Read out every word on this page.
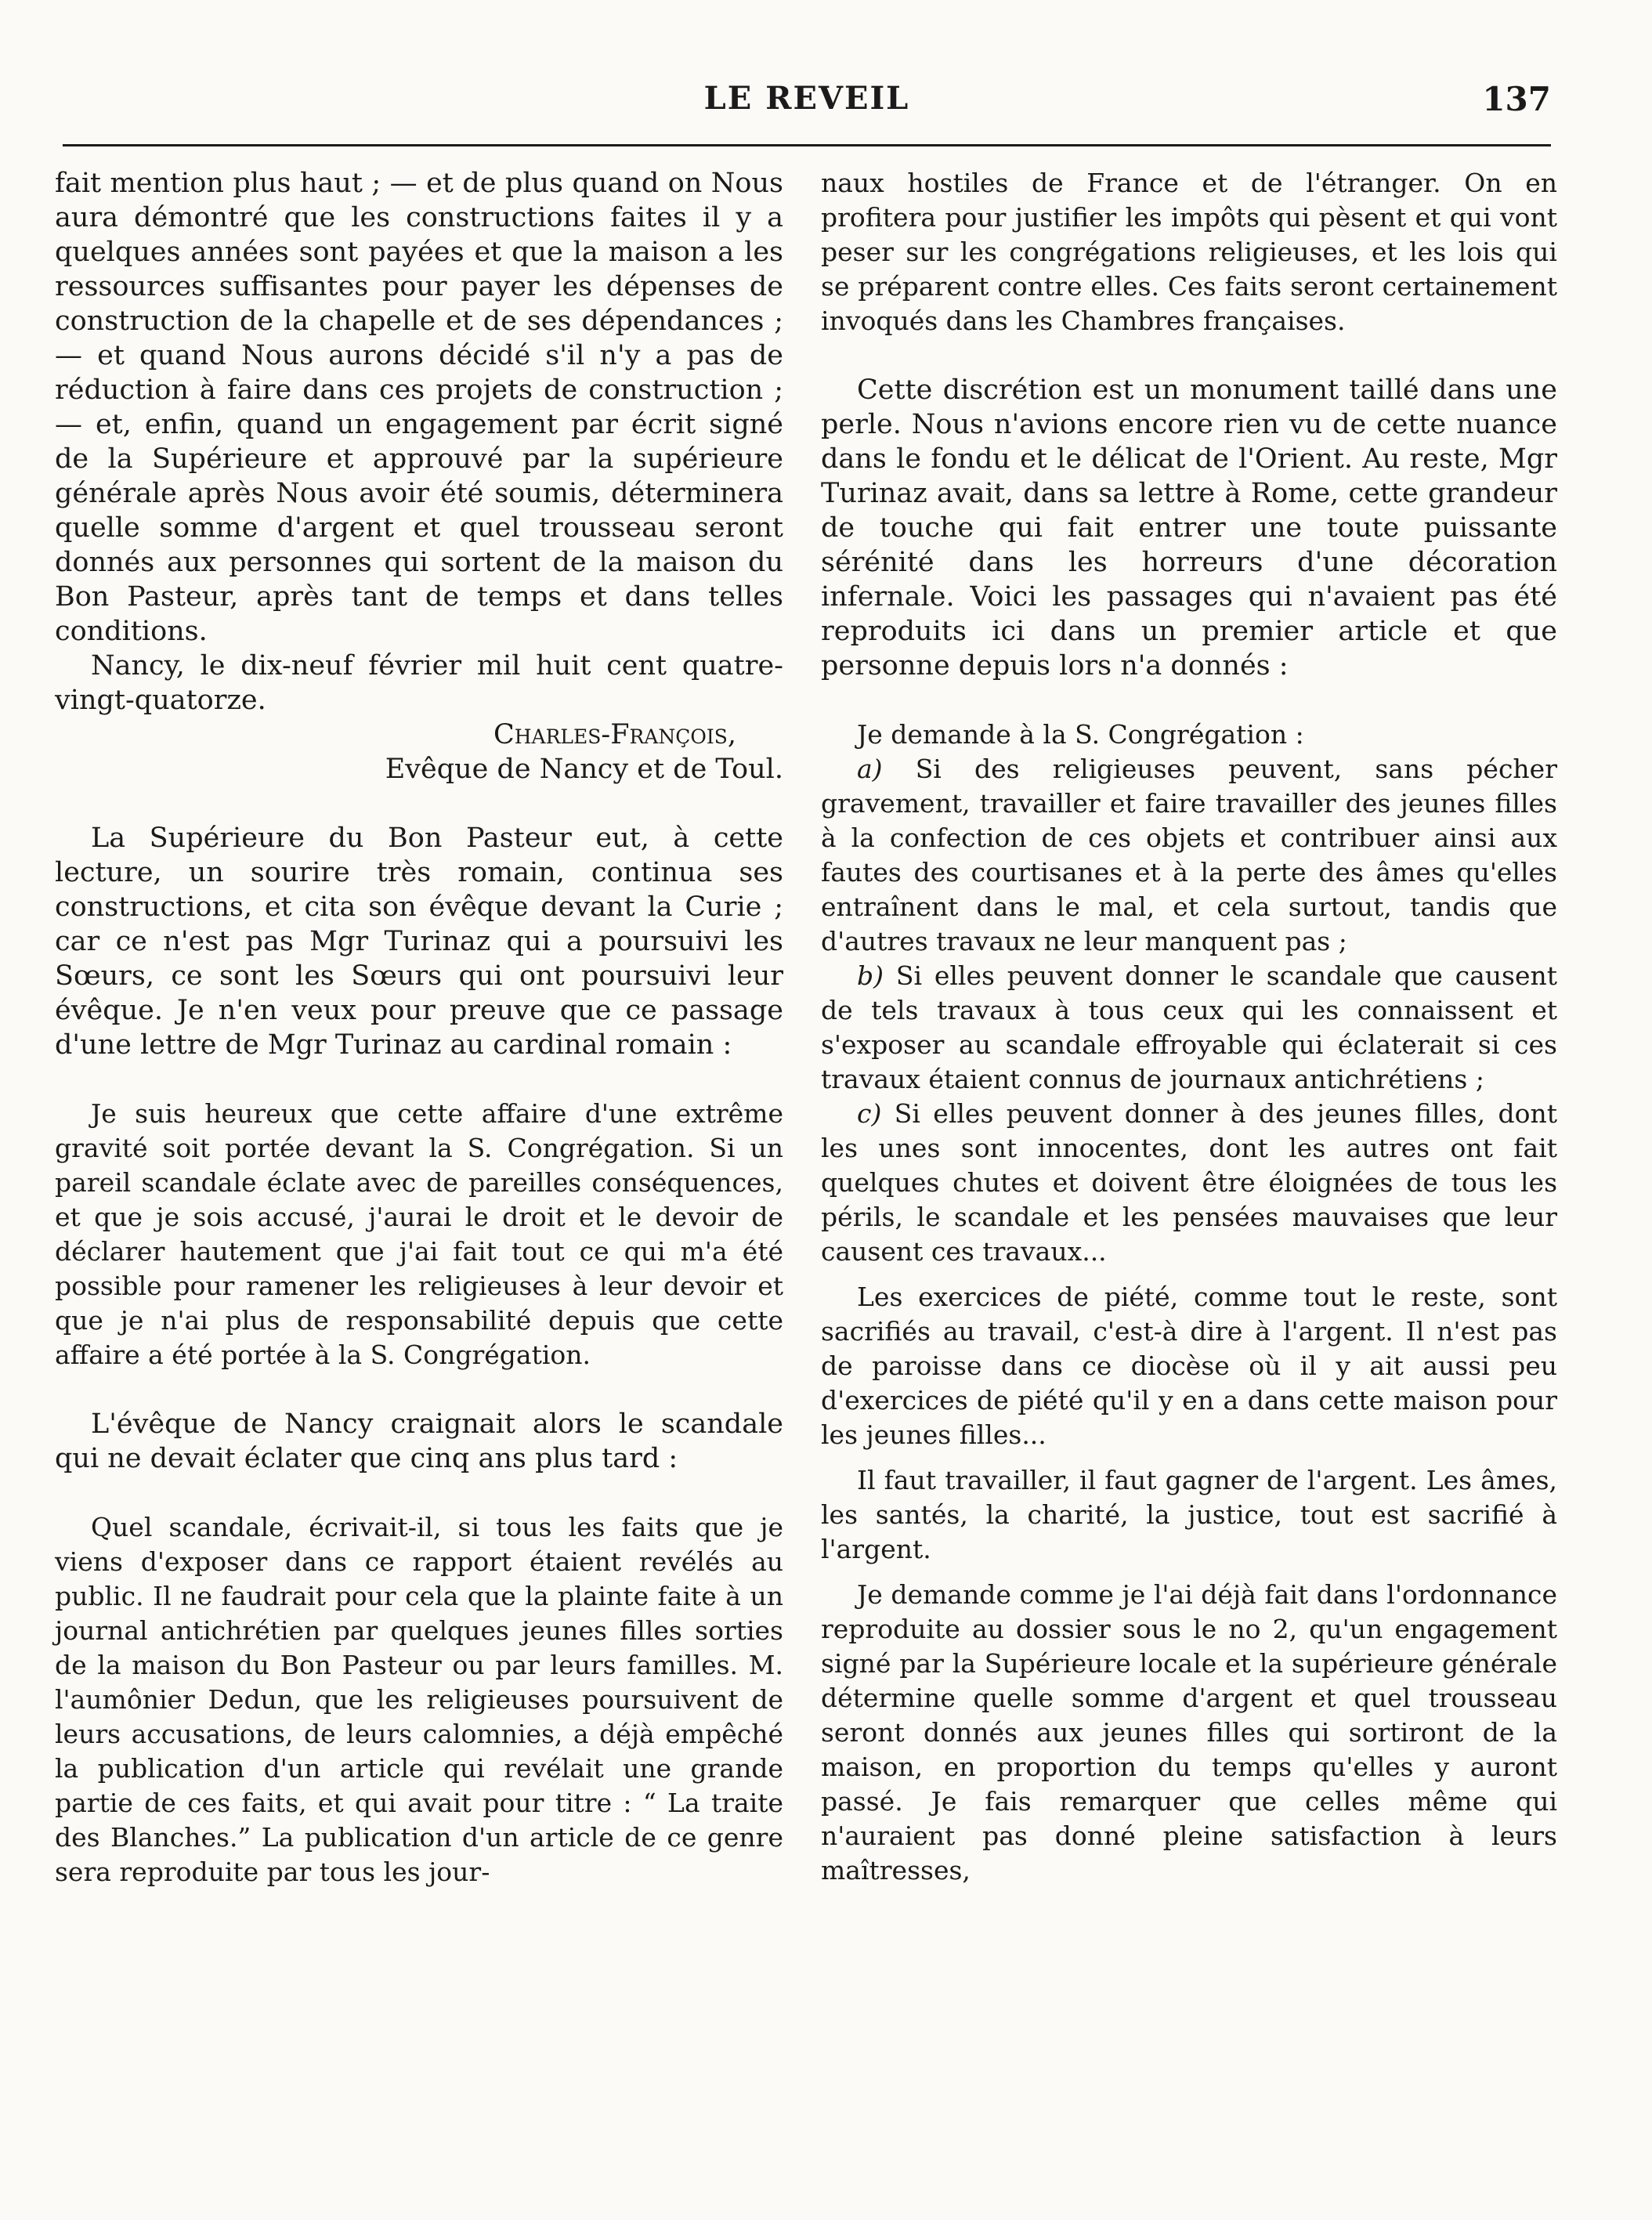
LE REVEIL	137

fait mention plus haut ; — et de plus quand on Nous aura démontré que les constructions faites il y a quelques années sont payées et que la maison a les ressources suffisantes pour payer les dépenses de construction de la chapelle et de ses dépendances ; — et quand Nous aurons décidé s'il n'y a pas de réduction à faire dans ces projets de construction ; — et, enfin, quand un engagement par écrit signé de la Supérieure et approuvé par la supérieure générale après Nous avoir été soumis, déterminera quelle somme d'argent et quel trousseau seront donnés aux personnes qui sortent de la maison du Bon Pasteur, après tant de temps et dans telles conditions.

Nancy, le dix-neuf février mil huit cent quatre-vingt-quatorze.

Charles-François,

Evêque de Nancy et de Toul.

La Supérieure du Bon Pasteur eut, à cette lecture, un sourire très romain, continua ses constructions, et cita son évêque devant la Curie ; car ce n'est pas Mgr Turinaz qui a poursuivi les Sœurs, ce sont les Sœurs qui ont poursuivi leur évêque. Je n'en veux pour preuve que ce passage d'une lettre de Mgr Turinaz au cardinal romain :

Je suis heureux que cette affaire d'une extrême gravité soit portée devant la S. Congrégation. Si un pareil scandale éclate avec de pareilles conséquences, et que je sois accusé, j'aurai le droit et le devoir de déclarer hautement que j'ai fait tout ce qui m'a été possible pour ramener les religieuses à leur devoir et que je n'ai plus de responsabilité depuis que cette affaire a été portée à la S. Congrégation.

L'évêque de Nancy craignait alors le scandale qui ne devait éclater que cinq ans plus tard :

Quel scandale, écrivait-il, si tous les faits que je viens d'exposer dans ce rapport étaient revélés au public. Il ne faudrait pour cela que la plainte faite à un journal antichrétien par quelques jeunes filles sorties de la maison du Bon Pasteur ou par leurs familles. M. l'aumônier Dedun, que les religieuses poursuivent de leurs accusations, de leurs calomnies, a déjà empêché la publication d'un article qui revélait une grande partie de ces faits, et qui avait pour titre : “ La traite des Blanches.” La publication d'un article de ce genre sera reproduite par tous les jour-

naux hostiles de France et de l'étranger. On en profitera pour justifier les impôts qui pèsent et qui vont peser sur les congrégations religieuses, et les lois qui se préparent contre elles. Ces faits seront certainement invoqués dans les Chambres françaises.

Cette discrétion est un monument taillé dans une perle. Nous n'avions encore rien vu de cette nuance dans le fondu et le délicat de l'Orient. Au reste, Mgr Turinaz avait, dans sa lettre à Rome, cette grandeur de touche qui fait entrer une toute puissante sérénité dans les horreurs d'une décoration infernale. Voici les passages qui n'avaient pas été reproduits ici dans un premier article et que personne depuis lors n'a donnés :

Je demande à la S. Congrégation :

a) Si des religieuses peuvent, sans pécher gravement, travailler et faire travailler des jeunes filles à la confection de ces objets et contribuer ainsi aux fautes des courtisanes et à la perte des âmes qu'elles entraînent dans le mal, et cela surtout, tandis que d'autres travaux ne leur manquent pas ;

b) Si elles peuvent donner le scandale que causent de tels travaux à tous ceux qui les connaissent et s'exposer au scandale effroyable qui éclaterait si ces travaux étaient connus de journaux antichrétiens ;

c) Si elles peuvent donner à des jeunes filles, dont les unes sont innocentes, dont les autres ont fait quelques chutes et doivent être éloignées de tous les périls, le scandale et les pensées mauvaises que leur causent ces travaux...

Les exercices de piété, comme tout le reste, sont sacrifiés au travail, c'est-à dire à l'argent. Il n'est pas de paroisse dans ce diocèse où il y ait aussi peu d'exercices de piété qu'il y en a dans cette maison pour les jeunes filles...

Il faut travailler, il faut gagner de l'argent. Les âmes, les santés, la charité, la justice, tout est sacrifié à l'argent.

Je demande comme je l'ai déjà fait dans l'ordonnance reproduite au dossier sous le no 2, qu'un engagement signé par la Supérieure locale et la supérieure générale détermine quelle somme d'argent et quel trousseau seront donnés aux jeunes filles qui sortiront de la maison, en proportion du temps qu'elles y auront passé. Je fais remarquer que celles même qui n'auraient pas donné pleine satisfaction à leurs maîtresses,
